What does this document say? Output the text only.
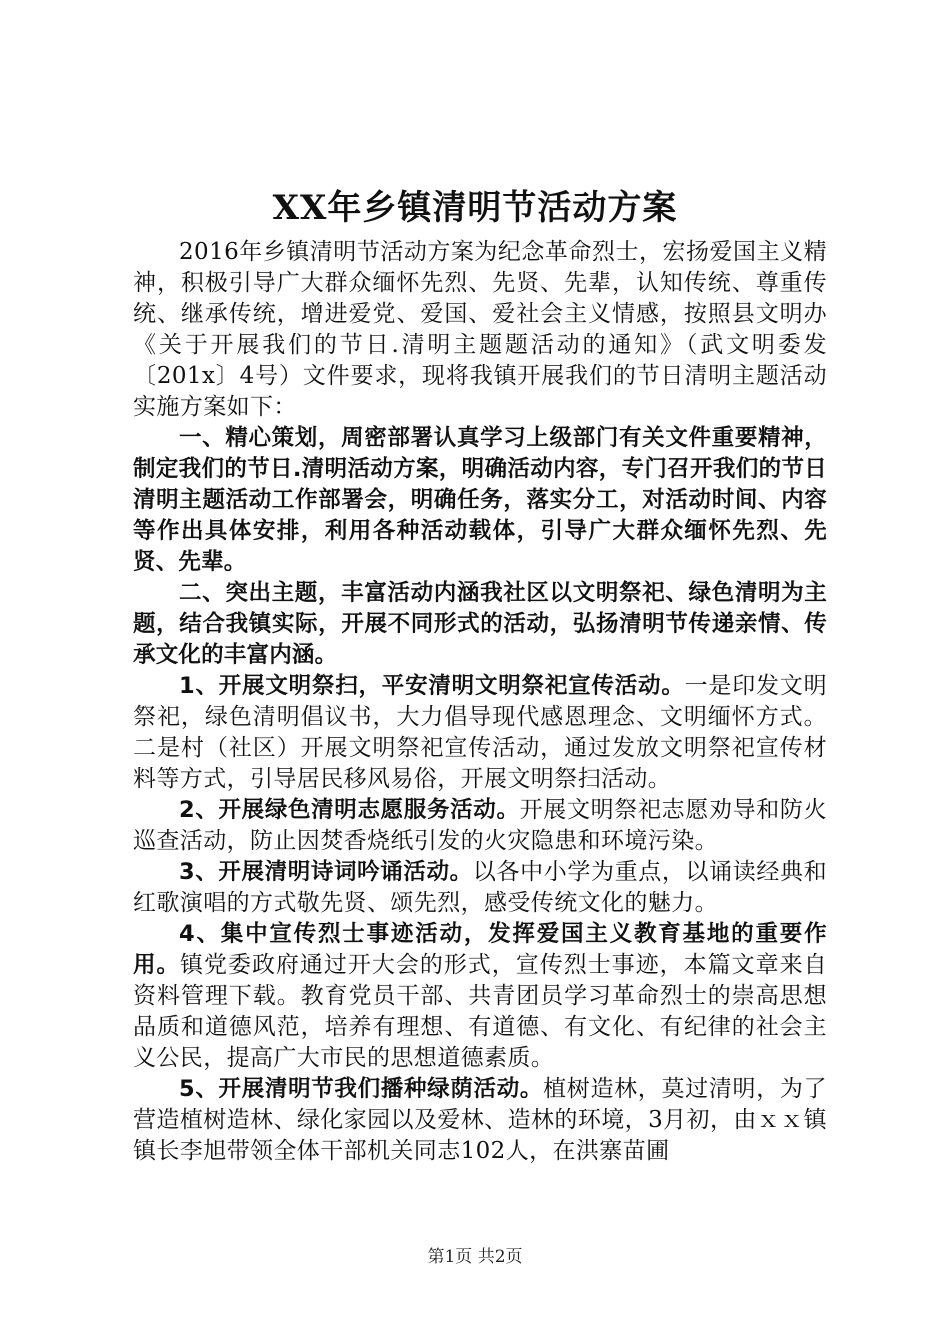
XX年乡镇清明节活动方案

2016年乡镇清明节活动方案为纪念革命烈士，宏扬爱国主义精神，积极引导广大群众缅怀先烈、先贤、先辈，认知传统、尊重传统、继承传统，增进爱党、爱国、爱社会主义情感，按照县文明办《关于开展我们的节日.清明主题题活动的通知》（武文明委发〔201x〕4号）文件要求，现将我镇开展我们的节日清明主题活动实施方案如下：

一、精心策划，周密部署认真学习上级部门有关文件重要精神，制定我们的节日.清明活动方案，明确活动内容，专门召开我们的节日清明主题活动工作部署会，明确任务，落实分工，对活动时间、内容等作出具体安排，利用各种活动载体，引导广大群众缅怀先烈、先贤、先辈。

二、突出主题，丰富活动内涵我社区以文明祭祀、绿色清明为主题，结合我镇实际，开展不同形式的活动，弘扬清明节传递亲情、传承文化的丰富内涵。

1、开展文明祭扫，平安清明文明祭祀宣传活动。一是印发文明祭祀，绿色清明倡议书，大力倡导现代感恩理念、文明缅怀方式。二是村（社区）开展文明祭祀宣传活动，通过发放文明祭祀宣传材料等方式，引导居民移风易俗，开展文明祭扫活动。

2、开展绿色清明志愿服务活动。开展文明祭祀志愿劝导和防火巡查活动，防止因焚香烧纸引发的火灾隐患和环境污染。

3、开展清明诗词吟诵活动。以各中小学为重点，以诵读经典和红歌演唱的方式敬先贤、颂先烈，感受传统文化的魅力。

4、集中宣传烈士事迹活动，发挥爱国主义教育基地的重要作用。镇党委政府通过开大会的形式，宣传烈士事迹，本篇文章来自资料管理下载。教育党员干部、共青团员学习革命烈士的崇高思想品质和道德风范，培养有理想、有道德、有文化、有纪律的社会主义公民，提高广大市民的思想道德素质。

5、开展清明节我们播种绿荫活动。植树造林，莫过清明，为了营造植树造林、绿化家园以及爱林、造林的环境，3月初，由ｘｘ镇镇长李旭带领全体干部机关同志102人，在洪寨苗圃

第1页 共2页
